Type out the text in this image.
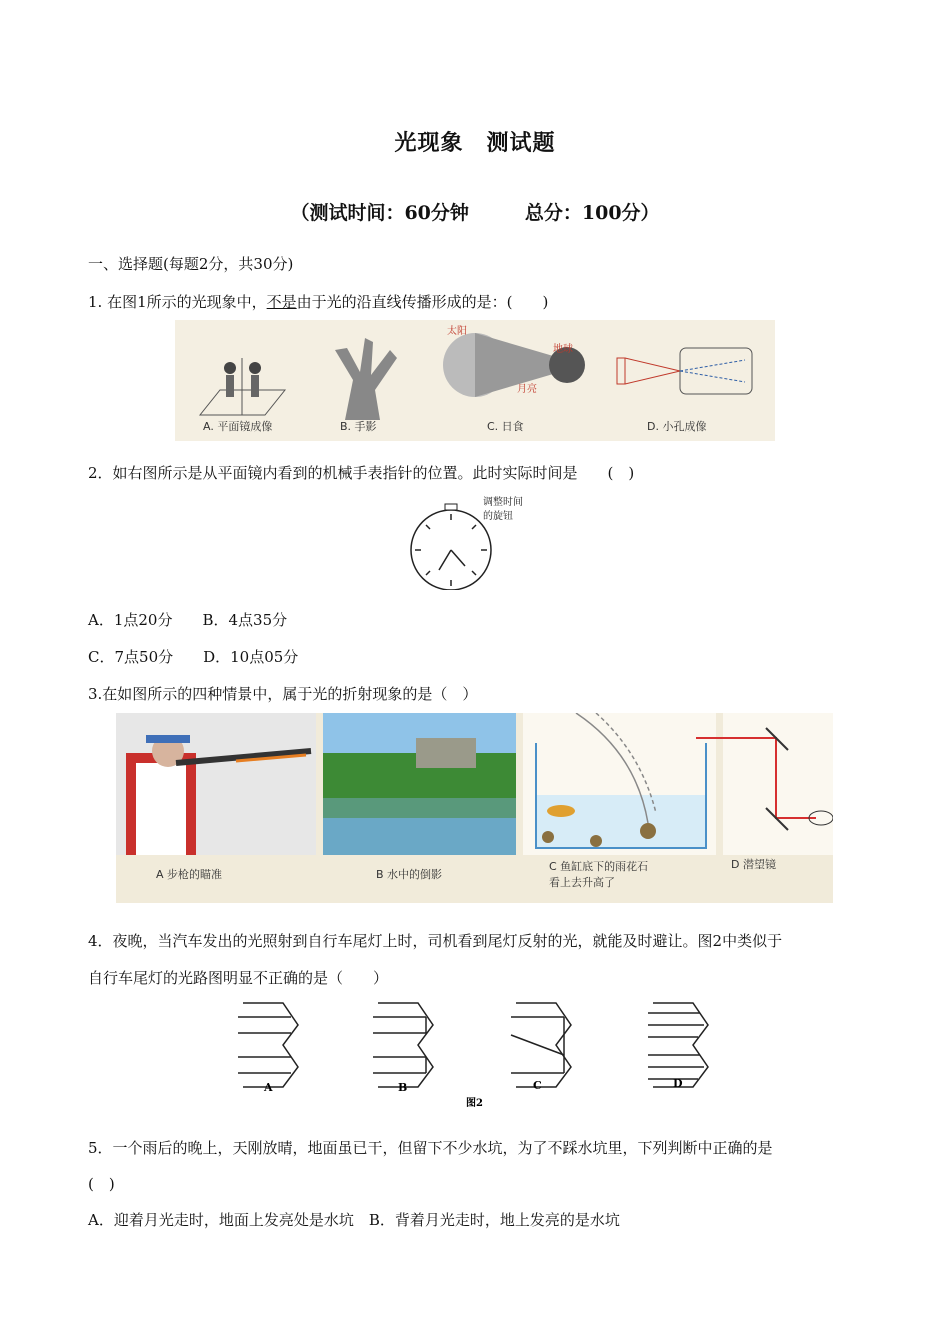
光现象　测试题
（测试时间：60分钟	总分：100分）
一、选择题(每题2分，共30分)
1. 在图1所示的光现象中，不是由于光的沿直线传播形成的是：(　　)
太阳
地球
月亮
A. 平面镜成像	B. 手影	C. 日食	D. 小孔成像
2．如右图所示是从平面镜内看到的机械手表指针的位置。此时实际时间是　　(　)
调整时间
的旋钮
A．1点20分 B．4点35分
C．7点50分 D．10点05分
3.在如图所示的四种情景中，属于光的折射现象的是（　）
A 步枪的瞄准	B 水中的倒影
C 鱼缸底下的雨花石
看上去升高了
D 潜望镜
4．夜晚，当汽车发出的光照射到自行车尾灯上时，司机看到尾灯反射的光，就能及时避让。图2中类似于
自行车尾灯的光路图明显不正确的是（　　）
A	B	C	D
图2
5．一个雨后的晚上，天刚放晴，地面虽已干，但留下不少水坑，为了不踩水坑里，下列判断中正确的是
(　)
A．迎着月光走时，地面上发亮处是水坑　B．背着月光走时，地上发亮的是水坑
